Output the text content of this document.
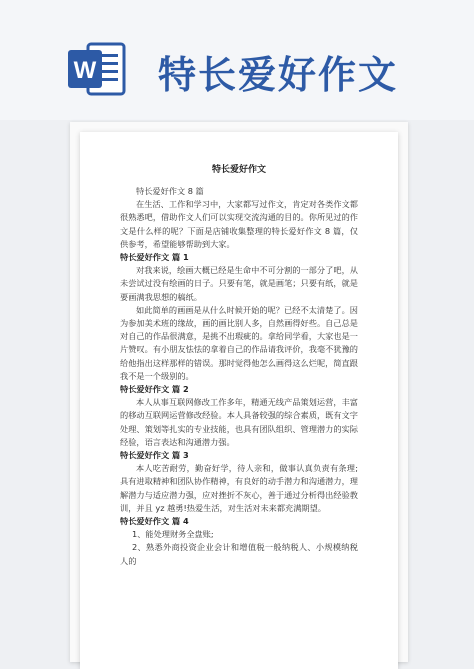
W 特长爱好作文
特长爱好作文

特长爱好作文 8 篇

在生活、工作和学习中，大家都写过作文，肯定对各类作文都很熟悉吧，借助作文人们可以实现交流沟通的目的。你所见过的作文是什么样的呢？下面是店铺收集整理的特长爱好作文 8 篇，仅供参考，希望能够帮助到大家。

特长爱好作文 篇 1

对我来说，绘画大概已经是生命中不可分割的一部分了吧，从未尝试过没有绘画的日子。只要有笔，就是画笔；只要有纸，就是要画满我思想的稿纸。

如此简单的画画是从什么时候开始的呢？已经不太清楚了。因为参加美术班的缘故，画的画比别人多，自然画得好些。自己总是对自己的作品很满意，是挑不出瑕疵的。拿给同学看，大家也是一片赞叹。有小朋友怯怯的拿着自己的作品请我评价，我毫不犹豫的给他指出这样那样的错误。那时觉得他怎么画得这么烂呢，简直跟我不是一个级别的。

特长爱好作文 篇 2

本人从事互联网修改工作多年，精通无线产品策划运营，丰富的移动互联网运营修改经验。本人具备较强的综合素质，既有文字处理、策划等扎实的专业技能，也具有团队组织、管理潜力的实际经验，语言表达和沟通潜力强。

特长爱好作文 篇 3

本人吃苦耐劳，勤奋好学，待人亲和，做事认真负责有条理;具有进取精神和团队协作精神，有良好的动手潜力和沟通潜力，理解潜力与适应潜力强，应对挫折不灰心，善于通过分析得出经验教训，并且 yz 越勇!热爱生活，对生活对未来都充满期望。

特长爱好作文 篇 4

1、能处理财务全盘账;

2、熟悉外商投资企业会计和增值税一般纳税人、小规模纳税人的
